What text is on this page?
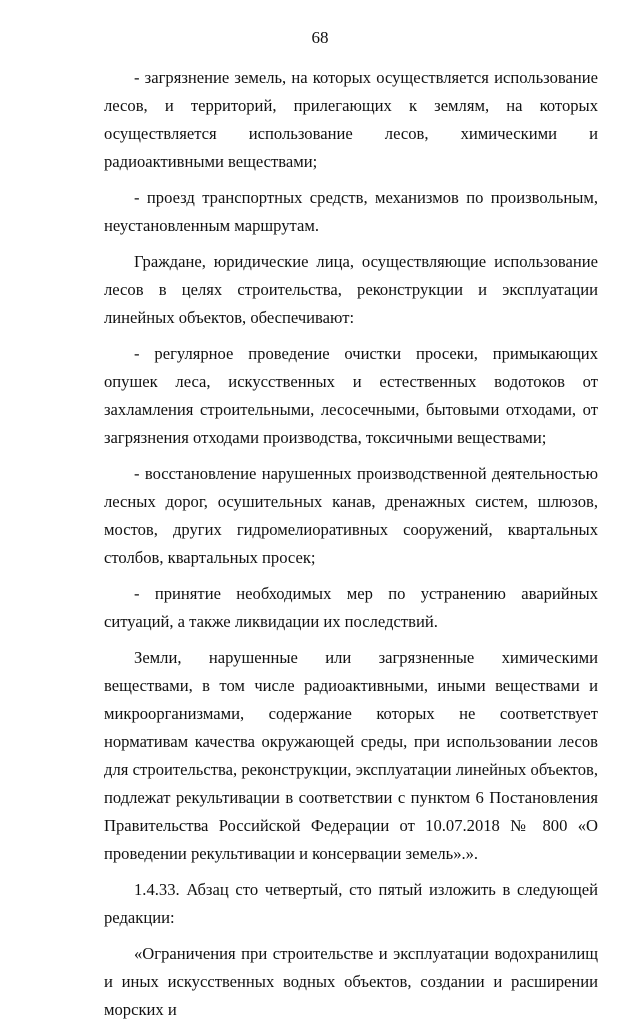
68

- загрязнение земель, на которых осуществляется использование лесов, и территорий, прилегающих к землям, на которых осуществляется использование лесов, химическими и радиоактивными веществами;

- проезд транспортных средств, механизмов по произвольным, неустановленным маршрутам.

Граждане, юридические лица, осуществляющие использование лесов в целях строительства, реконструкции и эксплуатации линейных объектов, обеспечивают:

- регулярное проведение очистки просеки, примыкающих опушек леса, искусственных и естественных водотоков от захламления строительными, лесосечными, бытовыми отходами, от загрязнения отходами производства, токсичными веществами;

- восстановление нарушенных производственной деятельностью лесных дорог, осушительных канав, дренажных систем, шлюзов, мостов, других гидромелиоративных сооружений, квартальных столбов, квартальных просек;

- принятие необходимых мер по устранению аварийных ситуаций, а также ликвидации их последствий.

Земли, нарушенные или загрязненные химическими веществами, в том числе радиоактивными, иными веществами и микроорганизмами, содержание которых не соответствует нормативам качества окружающей среды, при использовании лесов для строительства, реконструкции, эксплуатации линейных объектов, подлежат рекультивации в соответствии с пунктом 6 Постановления Правительства Российской Федерации от 10.07.2018 № 800 «О проведении рекультивации и консервации земель».».

1.4.33. Абзац сто четвертый, сто пятый изложить в следующей редакции:

«Ограничения при строительстве и эксплуатации водохранилищ и иных искусственных водных объектов, создании и расширении морских и
